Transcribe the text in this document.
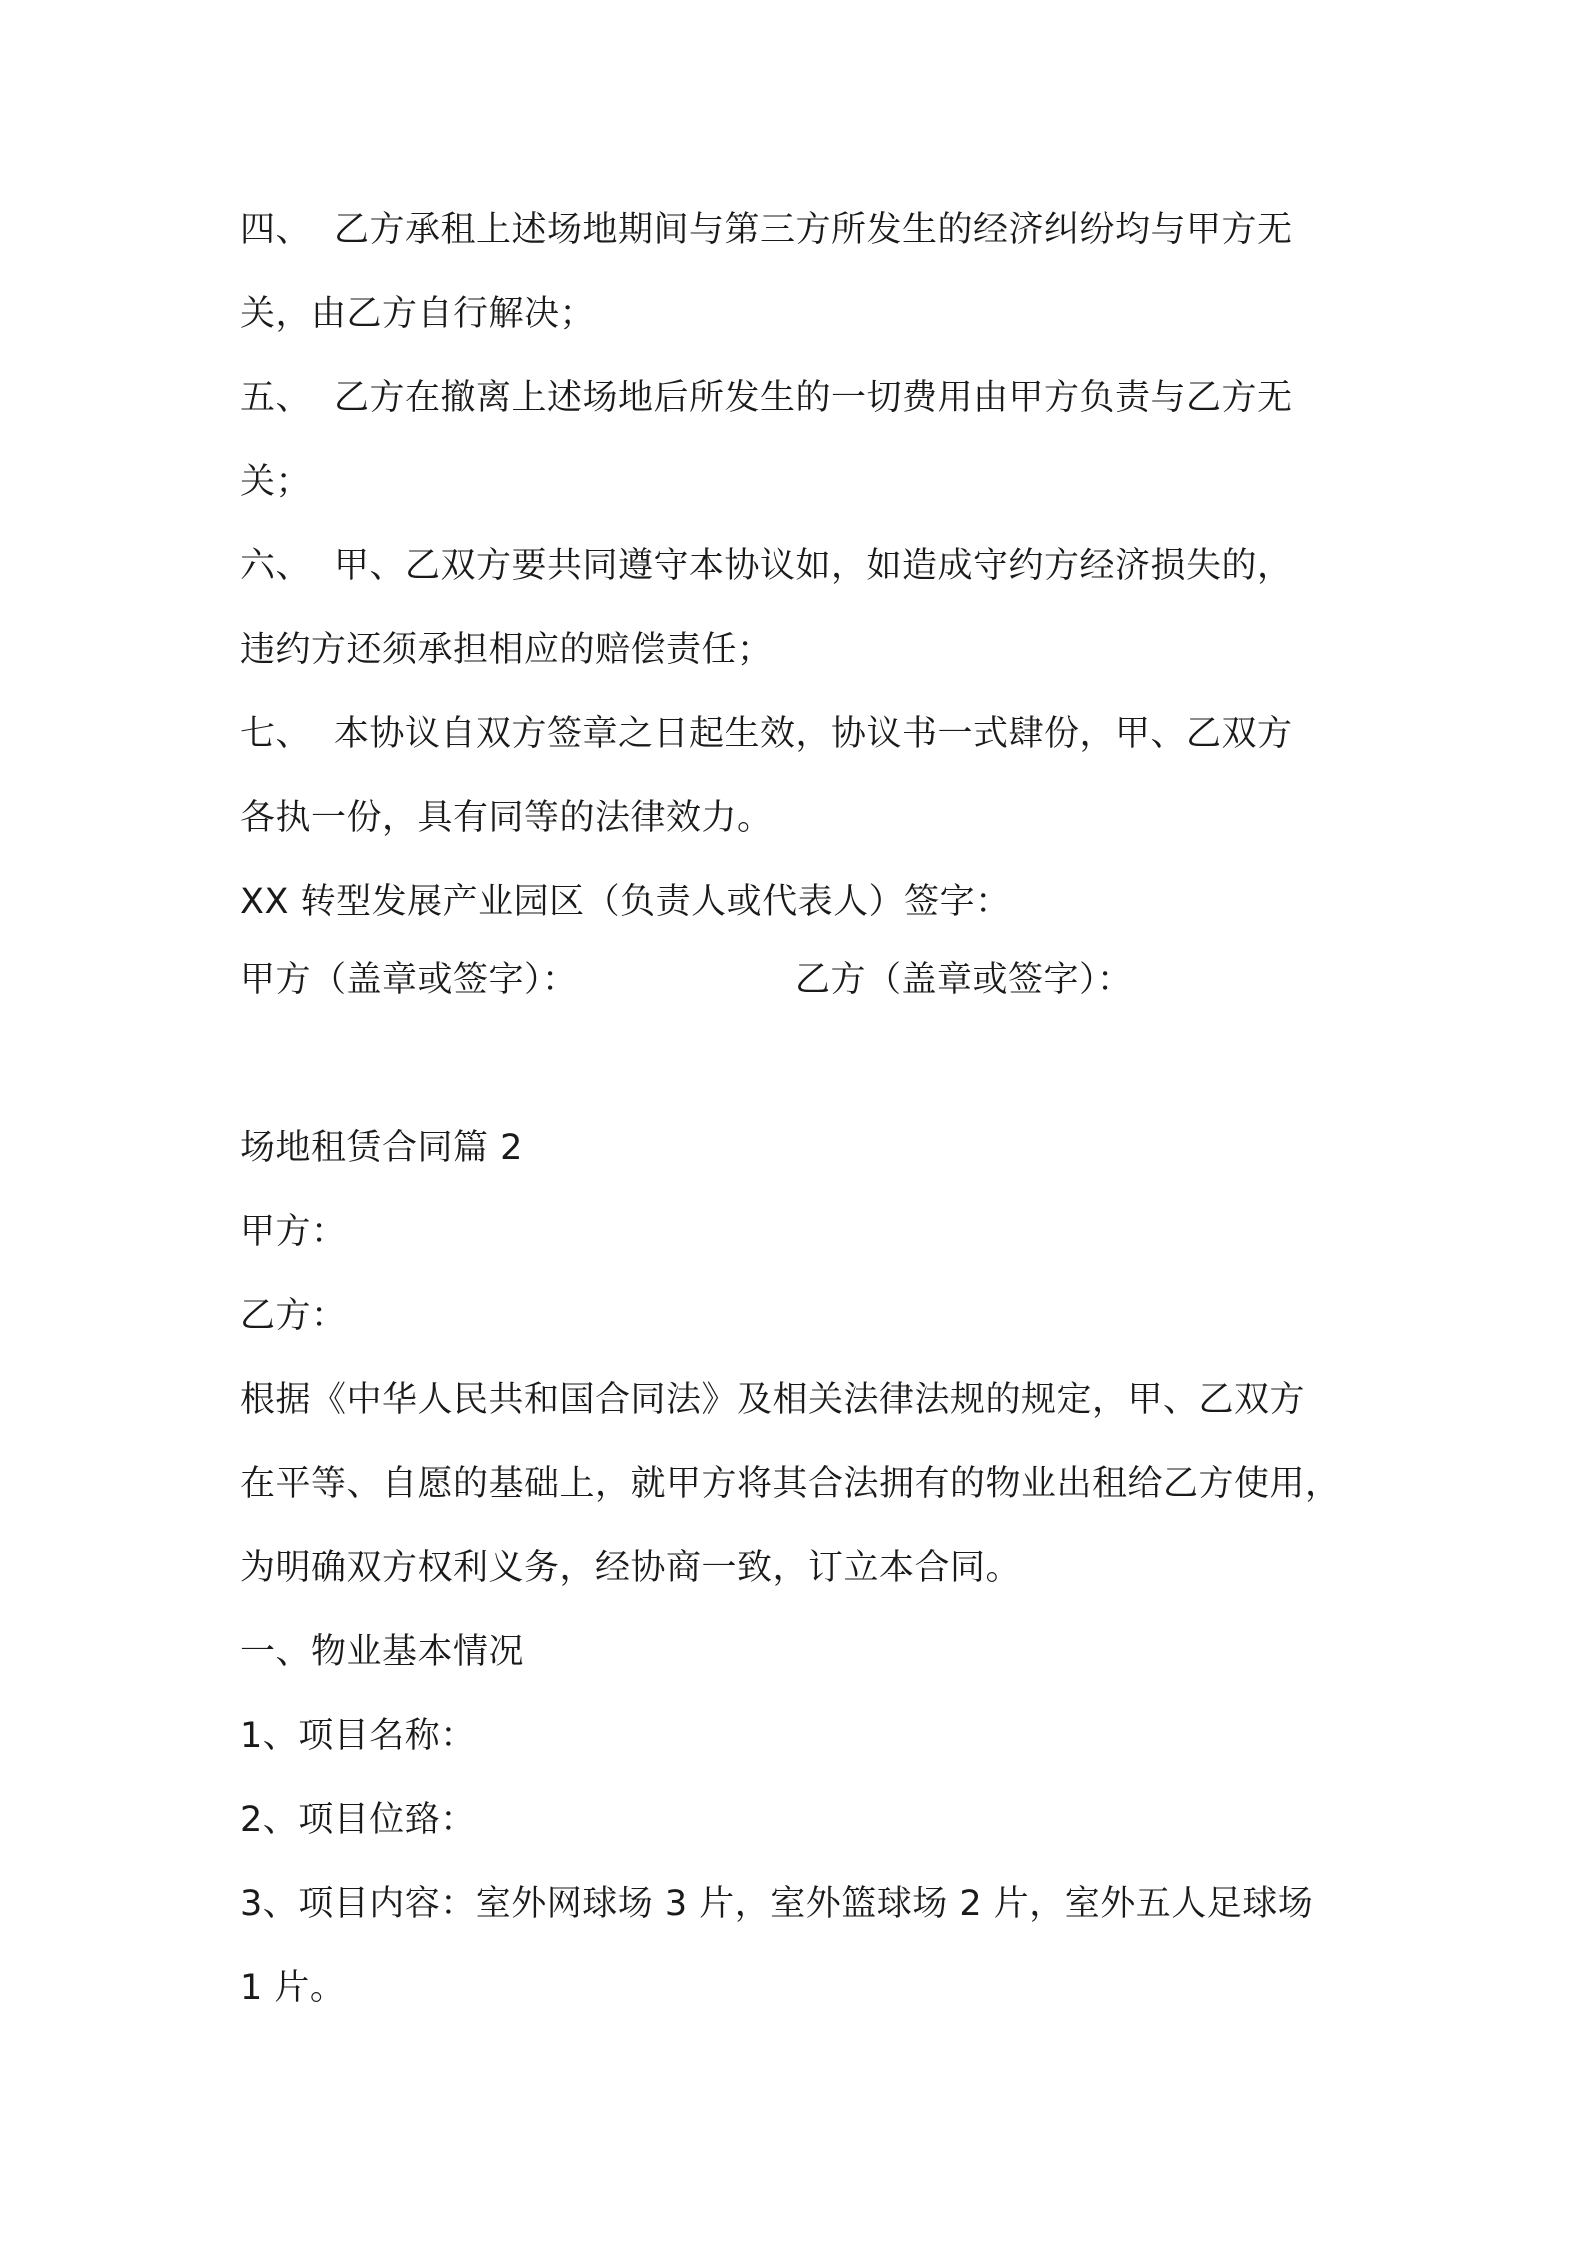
四、 乙方承租上述场地期间与第三方所发生的经济纠纷均与甲方无
关，由乙方自行解决；
五、 乙方在撤离上述场地后所发生的一切费用由甲方负责与乙方无
关；
六、 甲、乙双方要共同遵守本协议如，如造成守约方经济损失的，
违约方还须承担相应的赔偿责任；
七、 本协议自双方签章之日起生效，协议书一式肆份，甲、乙双方
各执一份，具有同等的法律效力。
XX 转型发展产业园区（负责人或代表人）签字：
甲方（盖章或签字）：	乙方（盖章或签字）：
场地租赁合同篇 2
甲方：
乙方：
根据《中华人民共和国合同法》及相关法律法规的规定，甲、乙双方
在平等、自愿的基础上，就甲方将其合法拥有的物业出租给乙方使用，
为明确双方权利义务，经协商一致，订立本合同。
一、物业基本情况
1、项目名称：
2、项目位臵：
3、项目内容：室外网球场 3 片，室外篮球场 2 片，室外五人足球场
1 片。
